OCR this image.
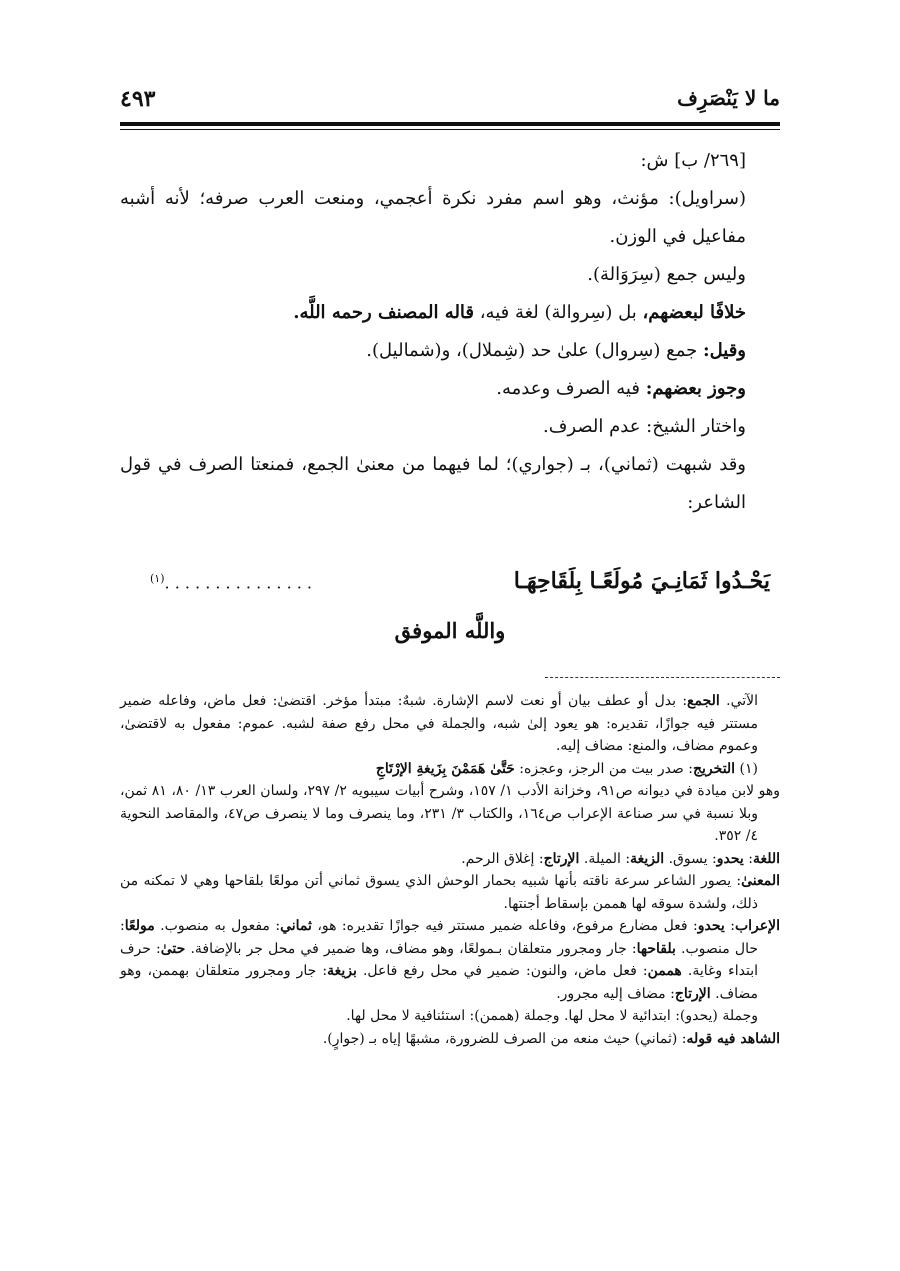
ما لا يَنْصَرِف
٤٩٣

[٢٦٩/ ب] ش:

(سراويل): مؤنث، وهو اسم مفرد نكرة أعجمي، ومنعت العرب صرفه؛ لأنه أشبه مفاعيل في الوزن.

وليس جمع (سِرَوَالة).

خلافًا لبعضهم، بل (سِروالة) لغة فيه، قاله المصنف رحمه اللَّه.

وقيل: جمع (سِروال) علىٰ حد (شِملال)، و(شماليل).

وجوز بعضهم: فيه الصرف وعدمه.

واختار الشيخ: عدم الصرف.

وقد شبهت (ثماني)، بـ (جواري)؛ لما فيهما من معنىٰ الجمع، فمنعتا الصرف في قول الشاعر:

يَحْـدُوا ثَمَانِـيَ مُولَعًـا بِلَقَاحِهَـا
. . . . . . . . . . . . . . .$^{(١)}$
واللَّه الموفق

الآتي. الجمع: بدل أو عطف بيان أو نعت لاسم الإشارة. شبهٌ: مبتدأ مؤخر. اقتضىٰ: فعل ماض، وفاعله ضمير مستتر فيه جوازًا، تقديره: هو يعود إلىٰ شبه، والجملة في محل رفع صفة لشبه. عموم: مفعول به لاقتضىٰ، وعموم مضاف، والمنع: مضاف إليه.

(١) التخريج: صدر بيت من الرجز، وعجزه: حَتَّىٰ هَمَمْنَ بِزَيغةِ الإرْتَاجِ

وهو لابن ميادة في ديوانه ص٩١، وخزانة الأدب ١/ ١٥٧، وشرح أبيات سيبويه ٢/ ٢٩٧، ولسان العرب ١٣/ ٨٠، ٨١ ثمن، وبلا نسبة في سر صناعة الإعراب ص١٦٤، والكتاب ٣/ ٢٣١، وما ينصرف وما لا ينصرف ص٤٧، والمقاصد النحوية ٤/ ٣٥٢.

اللغة: يحدو: يسوق. الزيغة: الميلة. الإرتاج: إغلاق الرحم.

المعنىٰ: يصور الشاعر سرعة ناقته بأنها شبيه بحمار الوحش الذي يسوق ثماني أتن مولعًا بلقاحها وهي لا تمكنه من ذلك، ولشدة سوقه لها هممن بإسقاط أجنتها.

الإعراب: يحدو: فعل مضارع مرفوع، وفاعله ضمير مستتر فيه جوازًا تقديره: هو، ثماني: مفعول به منصوب. مولعًا: حال منصوب. بلقاحها: جار ومجرور متعلقان بـمولعًا، وهو مضاف، وها ضمير في محل جر بالإضافة. حتىٰ: حرف ابتداء وغاية. هممن: فعل ماض، والنون: ضمير في محل رفع فاعل. بزيغة: جار ومجرور متعلقان بهممن، وهو مضاف. الإرتاج: مضاف إليه مجرور.

وجملة (يحدو): ابتدائية لا محل لها. وجملة (هممن): استئنافية لا محل لها.

الشاهد فيه قوله: (ثماني) حيث منعه من الصرف للضرورة، مشبهًا إياه بـ (جوارٍ).
